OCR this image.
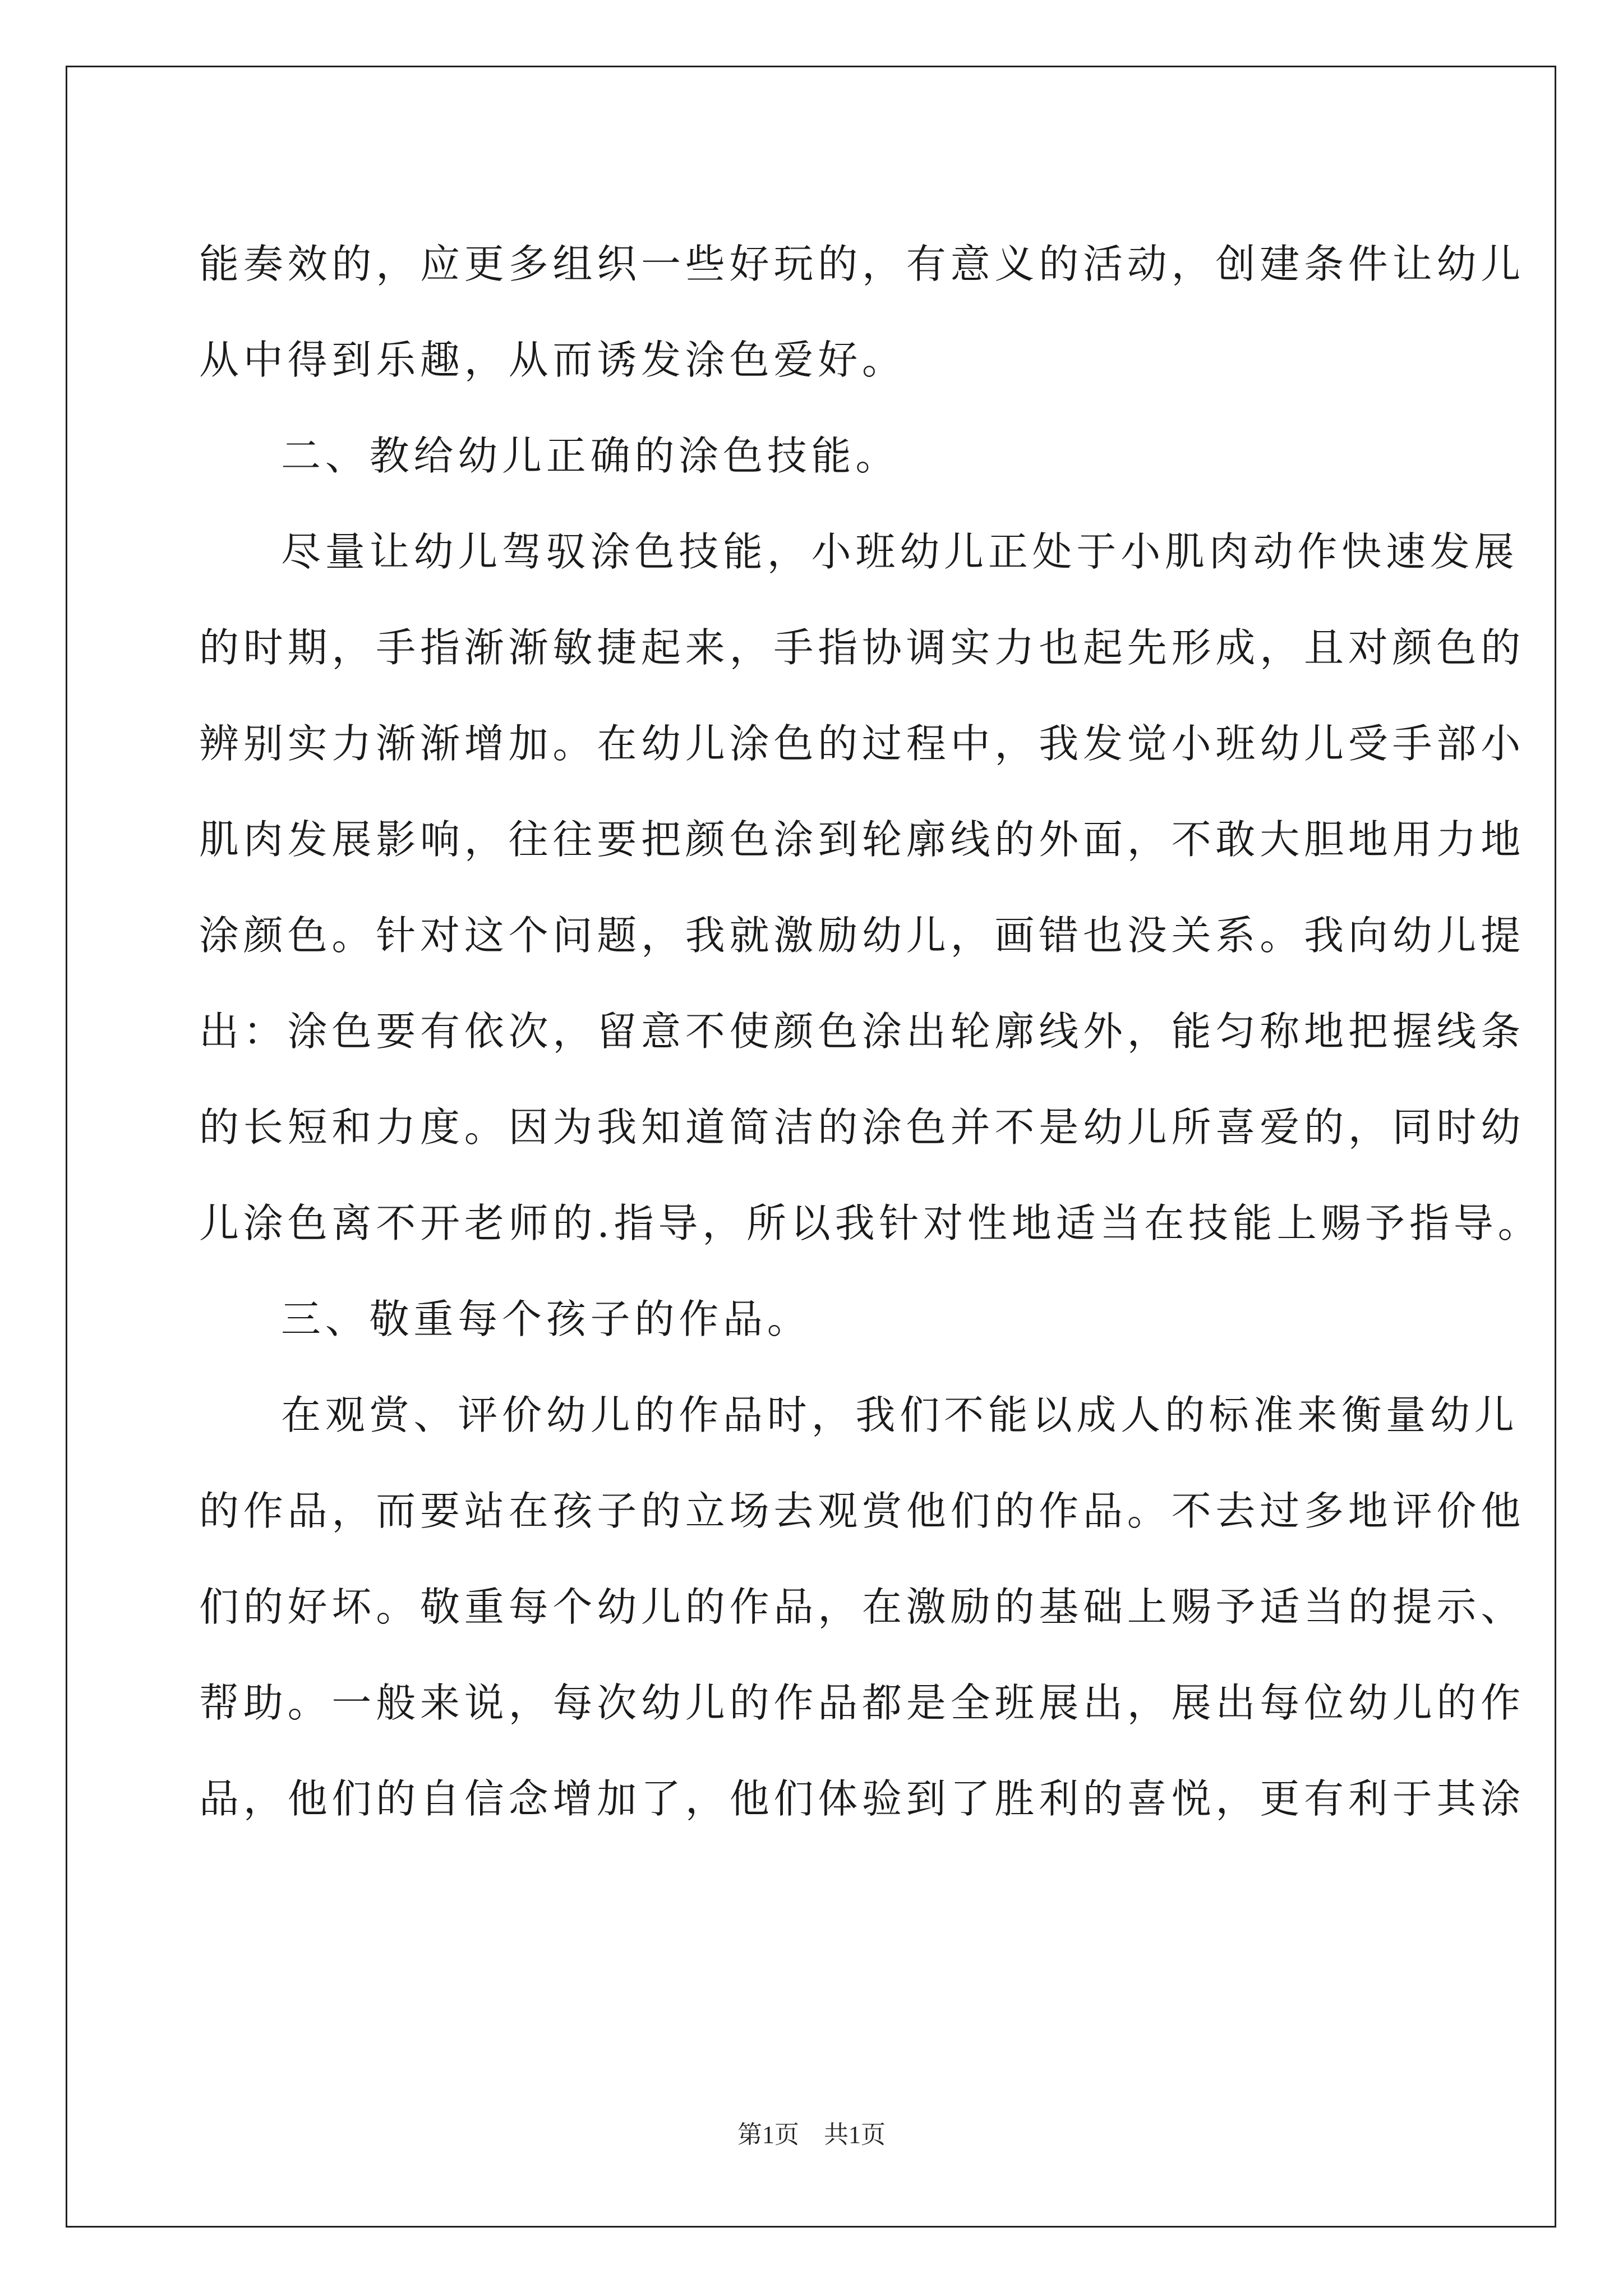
能奏效的，应更多组织一些好玩的，有意义的活动，创建条件让幼儿
从中得到乐趣，从而诱发涂色爱好。
二、教给幼儿正确的涂色技能。
尽量让幼儿驾驭涂色技能，小班幼儿正处于小肌肉动作快速发展
的时期，手指渐渐敏捷起来，手指协调实力也起先形成，且对颜色的
辨别实力渐渐增加。在幼儿涂色的过程中，我发觉小班幼儿受手部小
肌肉发展影响，往往要把颜色涂到轮廓线的外面，不敢大胆地用力地
涂颜色。针对这个问题，我就激励幼儿，画错也没关系。我向幼儿提
出：涂色要有依次，留意不使颜色涂出轮廓线外，能匀称地把握线条
的长短和力度。因为我知道简洁的涂色并不是幼儿所喜爱的，同时幼
儿涂色离不开老师的.指导，所以我针对性地适当在技能上赐予指导。
三、敬重每个孩子的作品。
在观赏、评价幼儿的作品时，我们不能以成人的标准来衡量幼儿
的作品，而要站在孩子的立场去观赏他们的作品。不去过多地评价他
们的好坏。敬重每个幼儿的作品，在激励的基础上赐予适当的提示、
帮助。一般来说，每次幼儿的作品都是全班展出，展出每位幼儿的作
品，他们的自信念增加了，他们体验到了胜利的喜悦，更有利于其涂
第1页 共1页
